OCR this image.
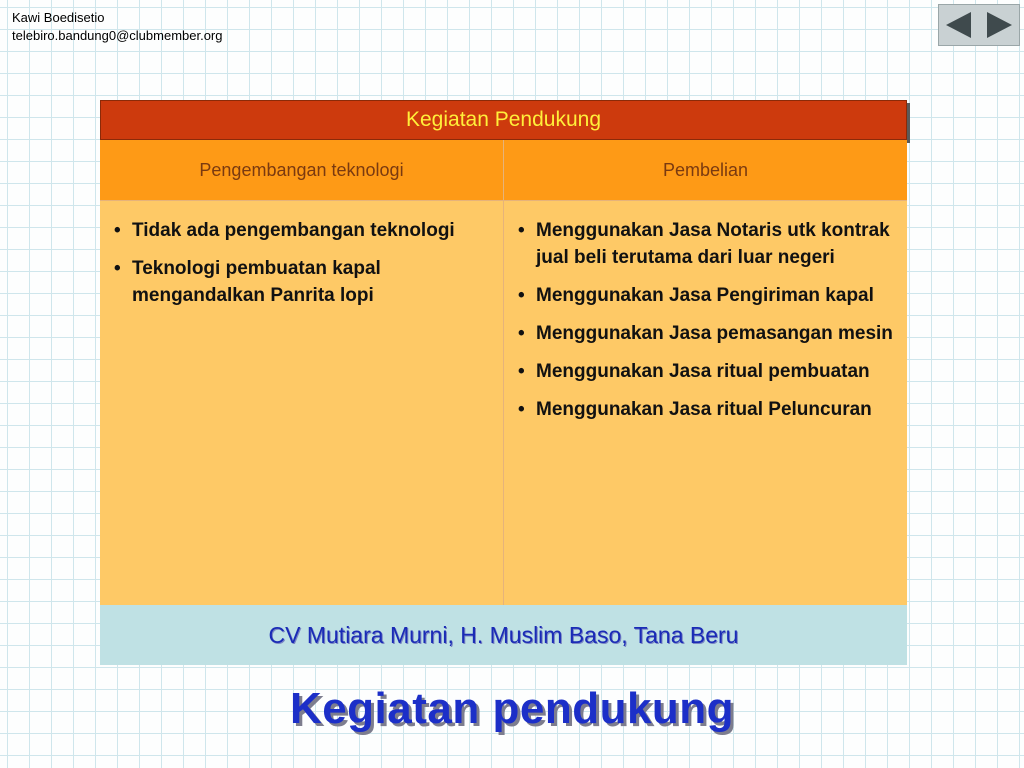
Kawi Boedisetio
telebiro.bandung0@clubmember.org
Kegiatan Pendukung
Pengembangan teknologi
• Tidak ada pengembangan teknologi
• Teknologi pembuatan kapal mengandalkan Panrita lopi
Pembelian
• Menggunakan Jasa Notaris utk kontrak jual beli terutama dari luar negeri
• Menggunakan Jasa Pengiriman kapal
• Menggunakan Jasa pemasangan mesin
• Menggunakan Jasa ritual pembuatan
• Menggunakan Jasa ritual Peluncuran
CV Mutiara Murni, H. Muslim Baso, Tana Beru
Kegiatan pendukung
